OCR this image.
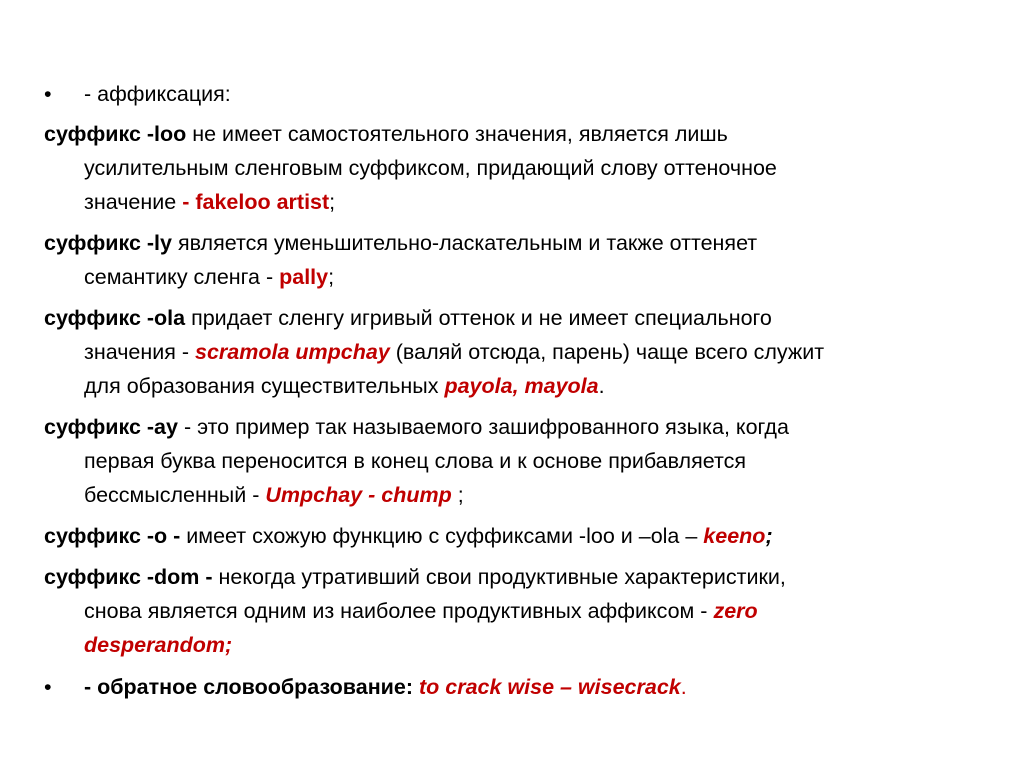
•	- аффиксация:
суффикс -loo не имеет самостоятельного значения, является лишь
усилительным сленговым суффиксом, придающий слову оттеночное
значение - fakeloo artist;
суффикс -ly является уменьшительно-ласкательным и также оттеняет
семантику сленга - pally;
суффикс -ola придает сленгу игривый оттенок и не имеет специального
значения - scramola umpchay (валяй отсюда, парень) чаще всего служит
для образования существительных payola, mayola.
суффикс -ay - это пример так называемого зашифрованного языка, когда
первая буква переносится в конец слова и к основе прибавляется
бессмысленный - Umpchay - chump ;
суффикс -o - имеет схожую функцию с суффиксами -loo и –ola – keeno;
суффикс -dom - некогда утративший свои продуктивные характеристики,
снова является одним из наиболее продуктивных аффиксом - zero
desperandom;
•	- обратное словообразование: to crack wise – wisecrack.
